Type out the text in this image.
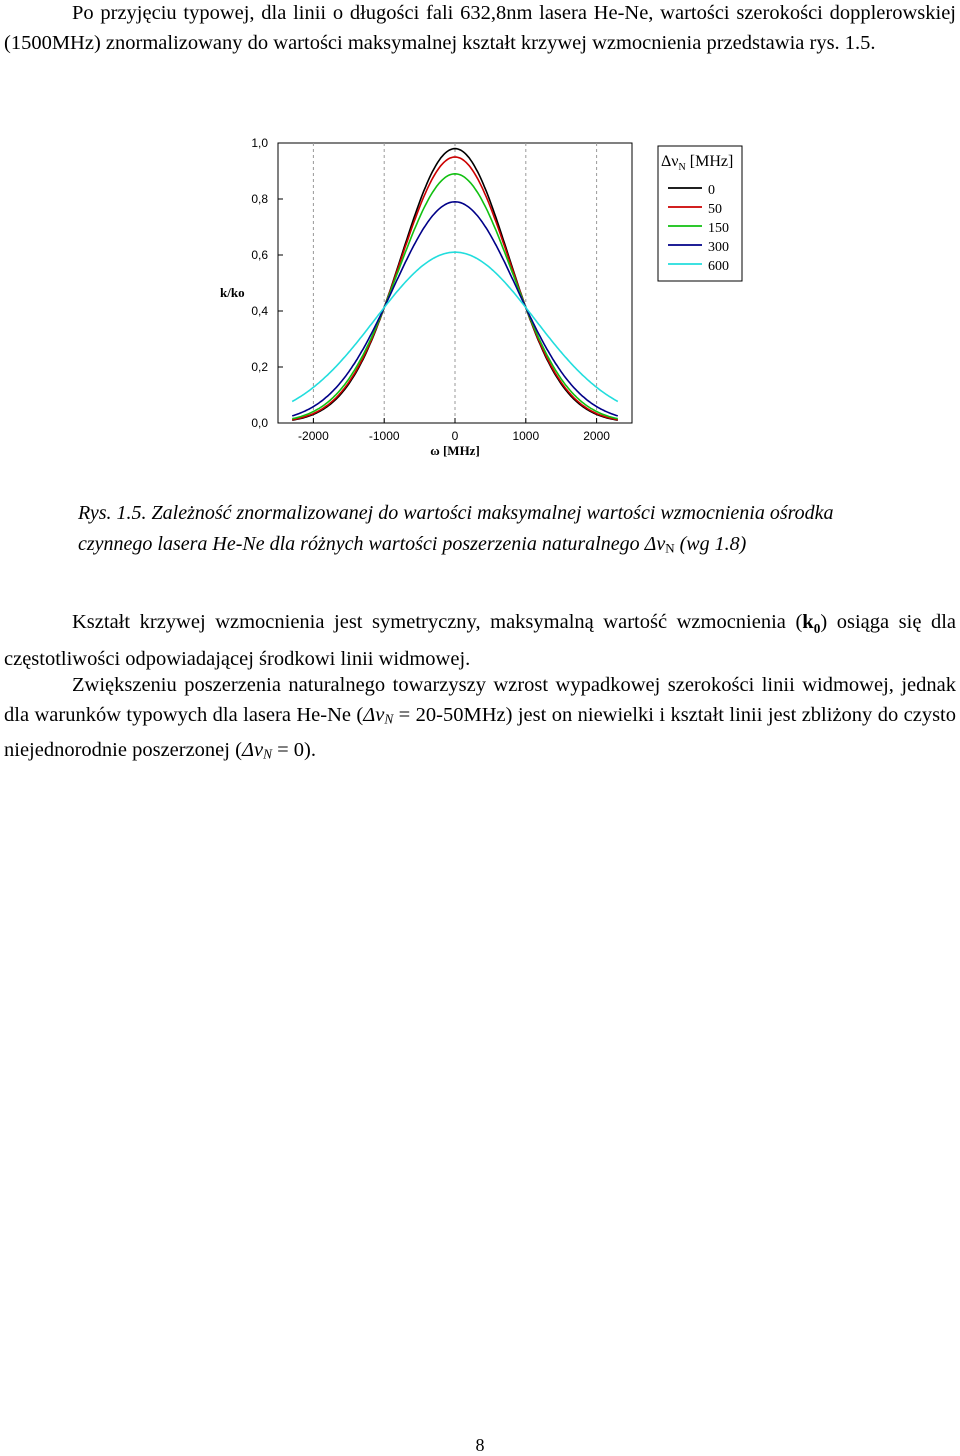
Po przyjęciu typowej, dla linii o długości fali 632,8nm lasera He-Ne, wartości szerokości dopplerowskiej (1500MHz) znormalizowany do wartości maksymalnej kształt krzywej wzmocnienia przedstawia rys. 1.5.

-2000	-1000	0	1000	2000
0,0
0,2
0,4
0,6
0,8
1,0
ω [MHz]
k/ko
$\Delta\nu_N$ [MHz]
0
50
150
300
600

Rys. 1.5. Zależność znormalizowanej do wartości maksymalnej wartości wzmocnienia ośrodka
czynnego lasera He-Ne dla różnych wartości poszerzenia naturalnego $\Delta\nu_N$ (wg 1.8)

Kształt krzywej wzmocnienia jest symetryczny, maksymalną wartość wzmocnienia $(k_0)$ osiąga się dla częstotliwości odpowiadającej środkowi linii widmowej.

Zwiększeniu poszerzenia naturalnego towarzyszy wzrost wypadkowej szerokości linii widmowej, jednak dla warunków typowych dla lasera He-Ne $(\Delta\nu_N = 20-50MHz)$ jest on niewielki i kształt linii jest zbliżony do czysto niejednorodnie poszerzonej $(\Delta\nu_N = 0)$.

8
